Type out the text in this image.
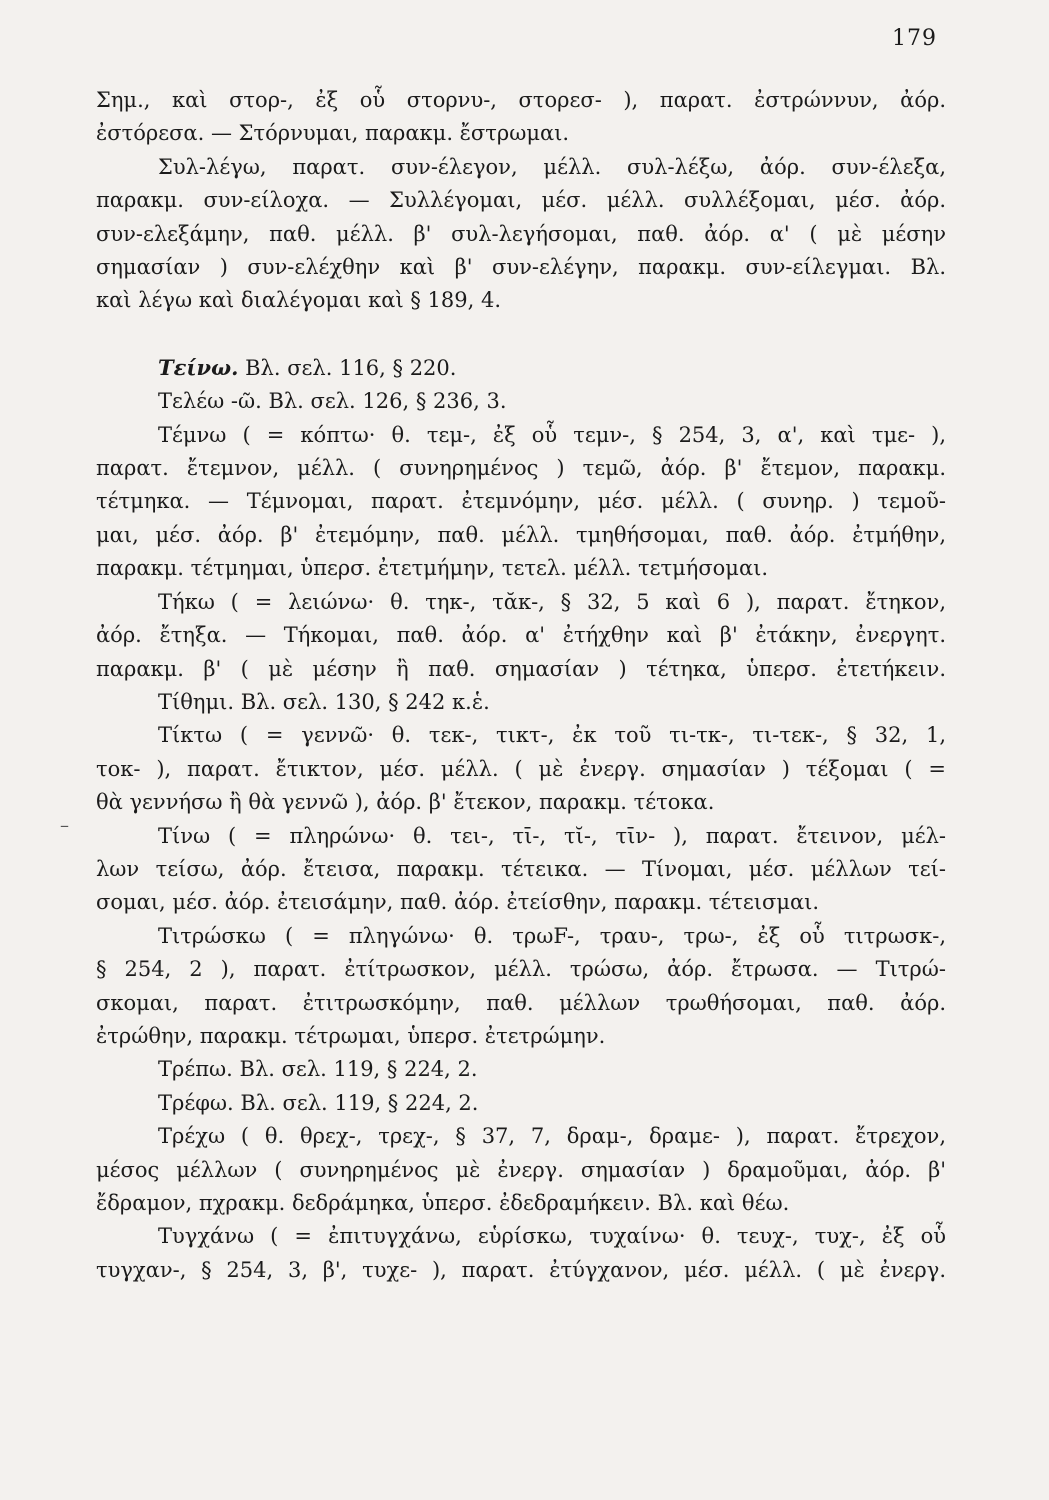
179
–
Σημ., καὶ στορ-, ἐξ οὗ στορνυ-, στορεσ- ), παρατ. ἐστρώννυν, ἀόρ.
ἐστόρεσα. — Στόρνυμαι, παρακμ. ἔστρωμαι.
Συλ-λέγω, παρατ. συν-έλεγον, μέλλ. συλ-λέξω, ἀόρ. συν-έλεξα,
παρακμ. συν-είλοχα. — Συλλέγομαι, μέσ. μέλλ. συλλέξομαι, μέσ. ἀόρ.
συν-ελεξάμην, παθ. μέλλ. β' συλ-λεγήσομαι, παθ. ἀόρ. α' ( μὲ μέσην
σημασίαν ) συν-ελέχθην καὶ β' συν-ελέγην, παρακμ. συν-είλεγμαι. Βλ.
καὶ λέγω καὶ διαλέγομαι καὶ § 189, 4.
Τείνω. Βλ. σελ. 116, § 220.
Τελέω -ῶ. Βλ. σελ. 126, § 236, 3.
Τέμνω ( = κόπτω· θ. τεμ-, ἐξ οὗ τεμν-, § 254, 3, α', καὶ τμε- ),
παρατ. ἔτεμνον, μέλλ. ( συνηρημένος ) τεμῶ, ἀόρ. β' ἔτεμον, παρακμ.
τέτμηκα. — Τέμνομαι, παρατ. ἐτεμνόμην, μέσ. μέλλ. ( συνηρ. ) τεμοῦ-
μαι, μέσ. ἀόρ. β' ἐτεμόμην, παθ. μέλλ. τμηθήσομαι, παθ. ἀόρ. ἐτμήθην,
παρακμ. τέτμημαι, ὑπερσ. ἐτετμήμην, τετελ. μέλλ. τετμήσομαι.
Τήκω ( = λειώνω· θ. τηκ-, τᾰκ-, § 32, 5 καὶ 6 ), παρατ. ἔτηκον,
ἀόρ. ἔτηξα. — Τήκομαι, παθ. ἀόρ. α' ἐτήχθην καὶ β' ἐτάκην, ἐνεργητ.
παρακμ. β' ( μὲ μέσην ἢ παθ. σημασίαν ) τέτηκα, ὑπερσ. ἐτετήκειν.
Τίθημι. Βλ. σελ. 130, § 242 κ.ἑ.
Τίκτω ( = γεννῶ· θ. τεκ-, τικτ-, ἐκ τοῦ τι-τκ-, τι-τεκ-, § 32, 1,
τοκ- ), παρατ. ἔτικτον, μέσ. μέλλ. ( μὲ ἐνεργ. σημασίαν ) τέξομαι ( =
θὰ γεννήσω ἢ θὰ γεννῶ ), ἀόρ. β' ἔτεκον, παρακμ. τέτοκα.
Τίνω ( = πληρώνω· θ. τει-, τῑ-, τῐ-, τῑν- ), παρατ. ἔτεινον, μέλ-
λων τείσω, ἀόρ. ἔτεισα, παρακμ. τέτεικα. — Τίνομαι, μέσ. μέλλων τεί-
σομαι, μέσ. ἀόρ. ἐτεισάμην, παθ. ἀόρ. ἐτείσθην, παρακμ. τέτεισμαι.
Τιτρώσκω ( = πληγώνω· θ. τρωF-, τραυ-, τρω-, ἐξ οὗ τιτρωσκ-,
§ 254, 2 ), παρατ. ἐτίτρωσκον, μέλλ. τρώσω, ἀόρ. ἔτρωσα. — Τιτρώ-
σκομαι, παρατ. ἐτιτρωσκόμην, παθ. μέλλων τρωθήσομαι, παθ. ἀόρ.
ἐτρώθην, παρακμ. τέτρωμαι, ὑπερσ. ἐτετρώμην.
Τρέπω. Βλ. σελ. 119, § 224, 2.
Τρέφω. Βλ. σελ. 119, § 224, 2.
Τρέχω ( θ. θρεχ-, τρεχ-, § 37, 7, δραμ-, δραμε- ), παρατ. ἔτρεχον,
μέσος μέλλων ( συνηρημένος μὲ ἐνεργ. σημασίαν ) δραμοῦμαι, ἀόρ. β'
ἔδραμον, πχρακμ. δεδράμηκα, ὑπερσ. ἐδεδραμήκειν. Βλ. καὶ θέω.
Τυγχάνω ( = ἐπιτυγχάνω, εὑρίσκω, τυχαίνω· θ. τευχ-, τυχ-, ἐξ οὗ
τυγχαν-, § 254, 3, β', τυχε- ), παρατ. ἐτύγχανον, μέσ. μέλλ. ( μὲ ἐνεργ.
